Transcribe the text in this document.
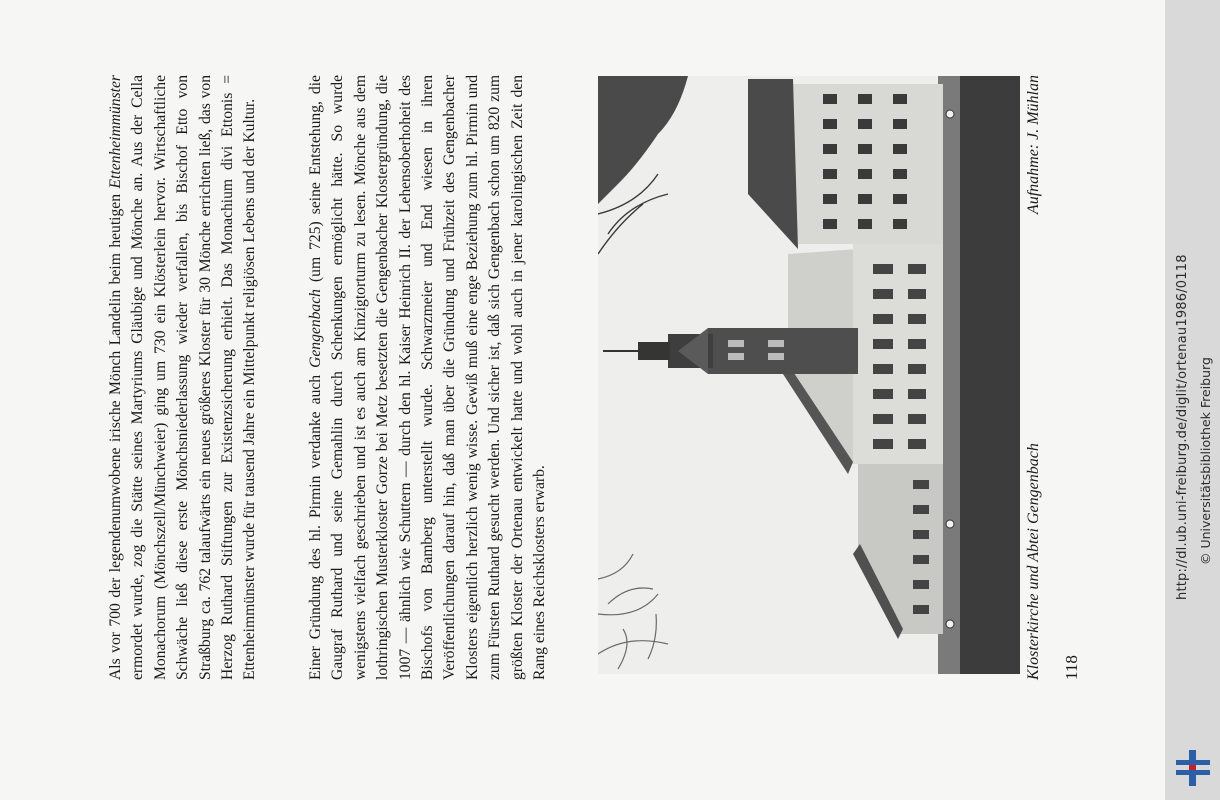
Als vor 700 der legendenumwobene irische Mönch Landelin beim heutigen Ettenheimmünster ermordet wurde, zog die Stätte seines Martyriums Gläubige und Mönche an. Aus der Cella Monachorum (Mönchszell/Münchweier) ging um 730 ein Klösterlein hervor. Wirtschaftliche Schwäche ließ diese erste Mönchsniederlassung wieder verfallen, bis Bischof Etto von Straßburg ca. 762 talaufwärts ein neues größeres Kloster für 30 Mönche errichten ließ, das von Herzog Ruthard Stiftungen zur Existenzsicherung erhielt. Das Monachium divi Ettonis = Ettenheimmünster wurde für tausend Jahre ein Mittelpunkt religiösen Lebens und der Kultur.	Einer Gründung des hl. Pirmin verdanke auch Gengenbach (um 725) seine Entstehung, die Gaugraf Ruthard und seine Gemahlin durch Schenkungen ermöglicht hätte. So wurde wenigstens vielfach geschrieben und ist es auch am Kinzigtorturm zu lesen. Mönche aus dem lothringischen Musterkloster Gorze bei Metz besetzten die Gengenbacher Klostergründung, die 1007 — ähnlich wie Schuttern — durch den hl. Kaiser Heinrich II. der Lehensoberhoheit des Bischofs von Bamberg unterstellt wurde. Schwarzmeier und End wiesen in ihren Veröffentlichungen darauf hin, daß man über die Gründung und Frühzeit des Gengenbacher Klosters eigentlich herzlich wenig wisse. Gewiß muß eine enge Beziehung zum hl. Pirmin und zum Fürsten Ruthard gesucht werden. Und sicher ist, daß sich Gengenbach schon um 820 zum größten Kloster der Ortenau entwickelt hatte und wohl auch in jener karolingischen Zeit den Rang eines Reichsklosters erwarb.	Klosterkirche und Abtei Gengenbach
Aufnahme: J. Mühlan
118
http://dl.ub.uni-freiburg.de/diglit/ortenau1986/0118 © Universitätsbibliothek Freiburg
